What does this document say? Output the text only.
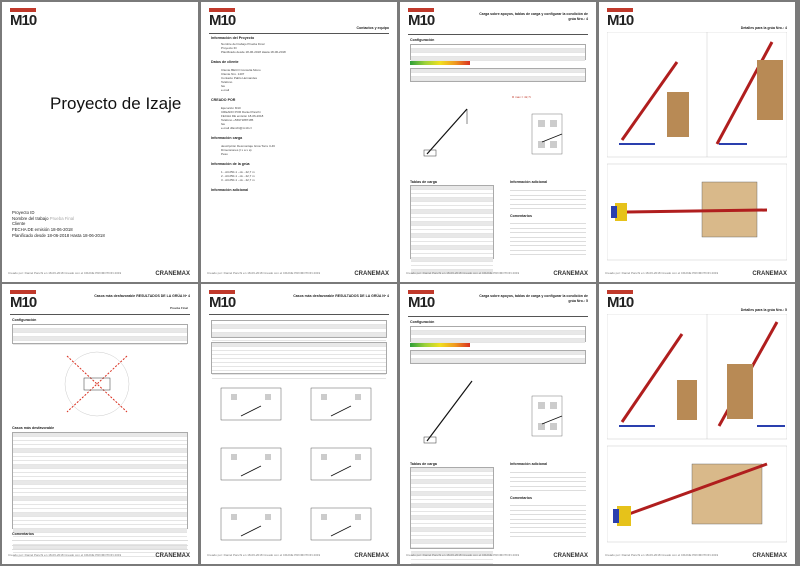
M10
Proyecto de Izaje
Proyecto ID
Nombre del trabajo Prueba Final
Cliente
FECHA DE emisión 18-06-2018
Planificado desde 18-06-2018 Hasta 18-06-2018
Creado por: Daniel Panchi en 18-06-2018 Creado con el CRANE PROMOTION 2019	CRANEMAX
M10	Contactos y equipo
Información del Proyecto
Nombre del trabajo Prueba Final
Proyecto ID
Planificado desde 18-06-2018 Hasta 18-06-2018
Datos de cliente
Cliente BECO Consulta Mono
Cliente Nro. 1407
Contacto Pablo Hernandes
Teléfono
fax
e-mail
CREADO POR
Ejecución M10
CREADO POR Daniel Panchi
FECHA DE emisión 18-06-2018
Teléfono +56971887185
fax
e-mail dfanchi@m10.cl
Información carga
descripción Desmontaje Grúa Torre 3-46
Dimensiones (l x a x a)
Peso
Información de la grúa
1 - AC250-1 - ok - 42,7 m
2 - AC250-1 - ok - 42,7 m
3 - AC250-1 - ok - 42,7 m
Información adicional
Creado por: Daniel Panchi en 18-06-2018 Creado con el CRANE PROMOTION 2019	CRANEMAX
M10	Carga sobre apoyos, tablas de carga y configurar la condición de grúa Nro.: 4
Configuración
R max = 42,7t
Tablas de carga	Información adicional
Comentarios
Creado por: Daniel Panchi en 18-06-2018 Creado con el CRANE PROMOTION 2019	CRANEMAX
M10	Detalles para la grúa Nro.: 4
Creado por: Daniel Panchi en 18-06-2018 Creado con el CRANE PROMOTION 2019	CRANEMAX
M10	Casos más desfavorable RESULTADOS DE LA GRÚA Nº 4
Prueba Final
Configuración
Casos más desfavorable
Comentarios
Creado por: Daniel Panchi en 18-06-2018 Creado con el CRANE PROMOTION 2019	CRANEMAX
M10	Casos más desfavorable RESULTADOS DE LA GRÚA Nº 4
Creado por: Daniel Panchi en 18-06-2018 Creado con el CRANE PROMOTION 2019	CRANEMAX
M10	Carga sobre apoyos, tablas de carga y configurar la condición de grúa Nro.: 5
Configuración
Tablas de carga	Información adicional
Comentarios
Creado por: Daniel Panchi en 18-06-2018 Creado con el CRANE PROMOTION 2019	CRANEMAX
M10	Detalles para la grúa Nro.: 5
Creado por: Daniel Panchi en 18-06-2018 Creado con el CRANE PROMOTION 2019	CRANEMAX
